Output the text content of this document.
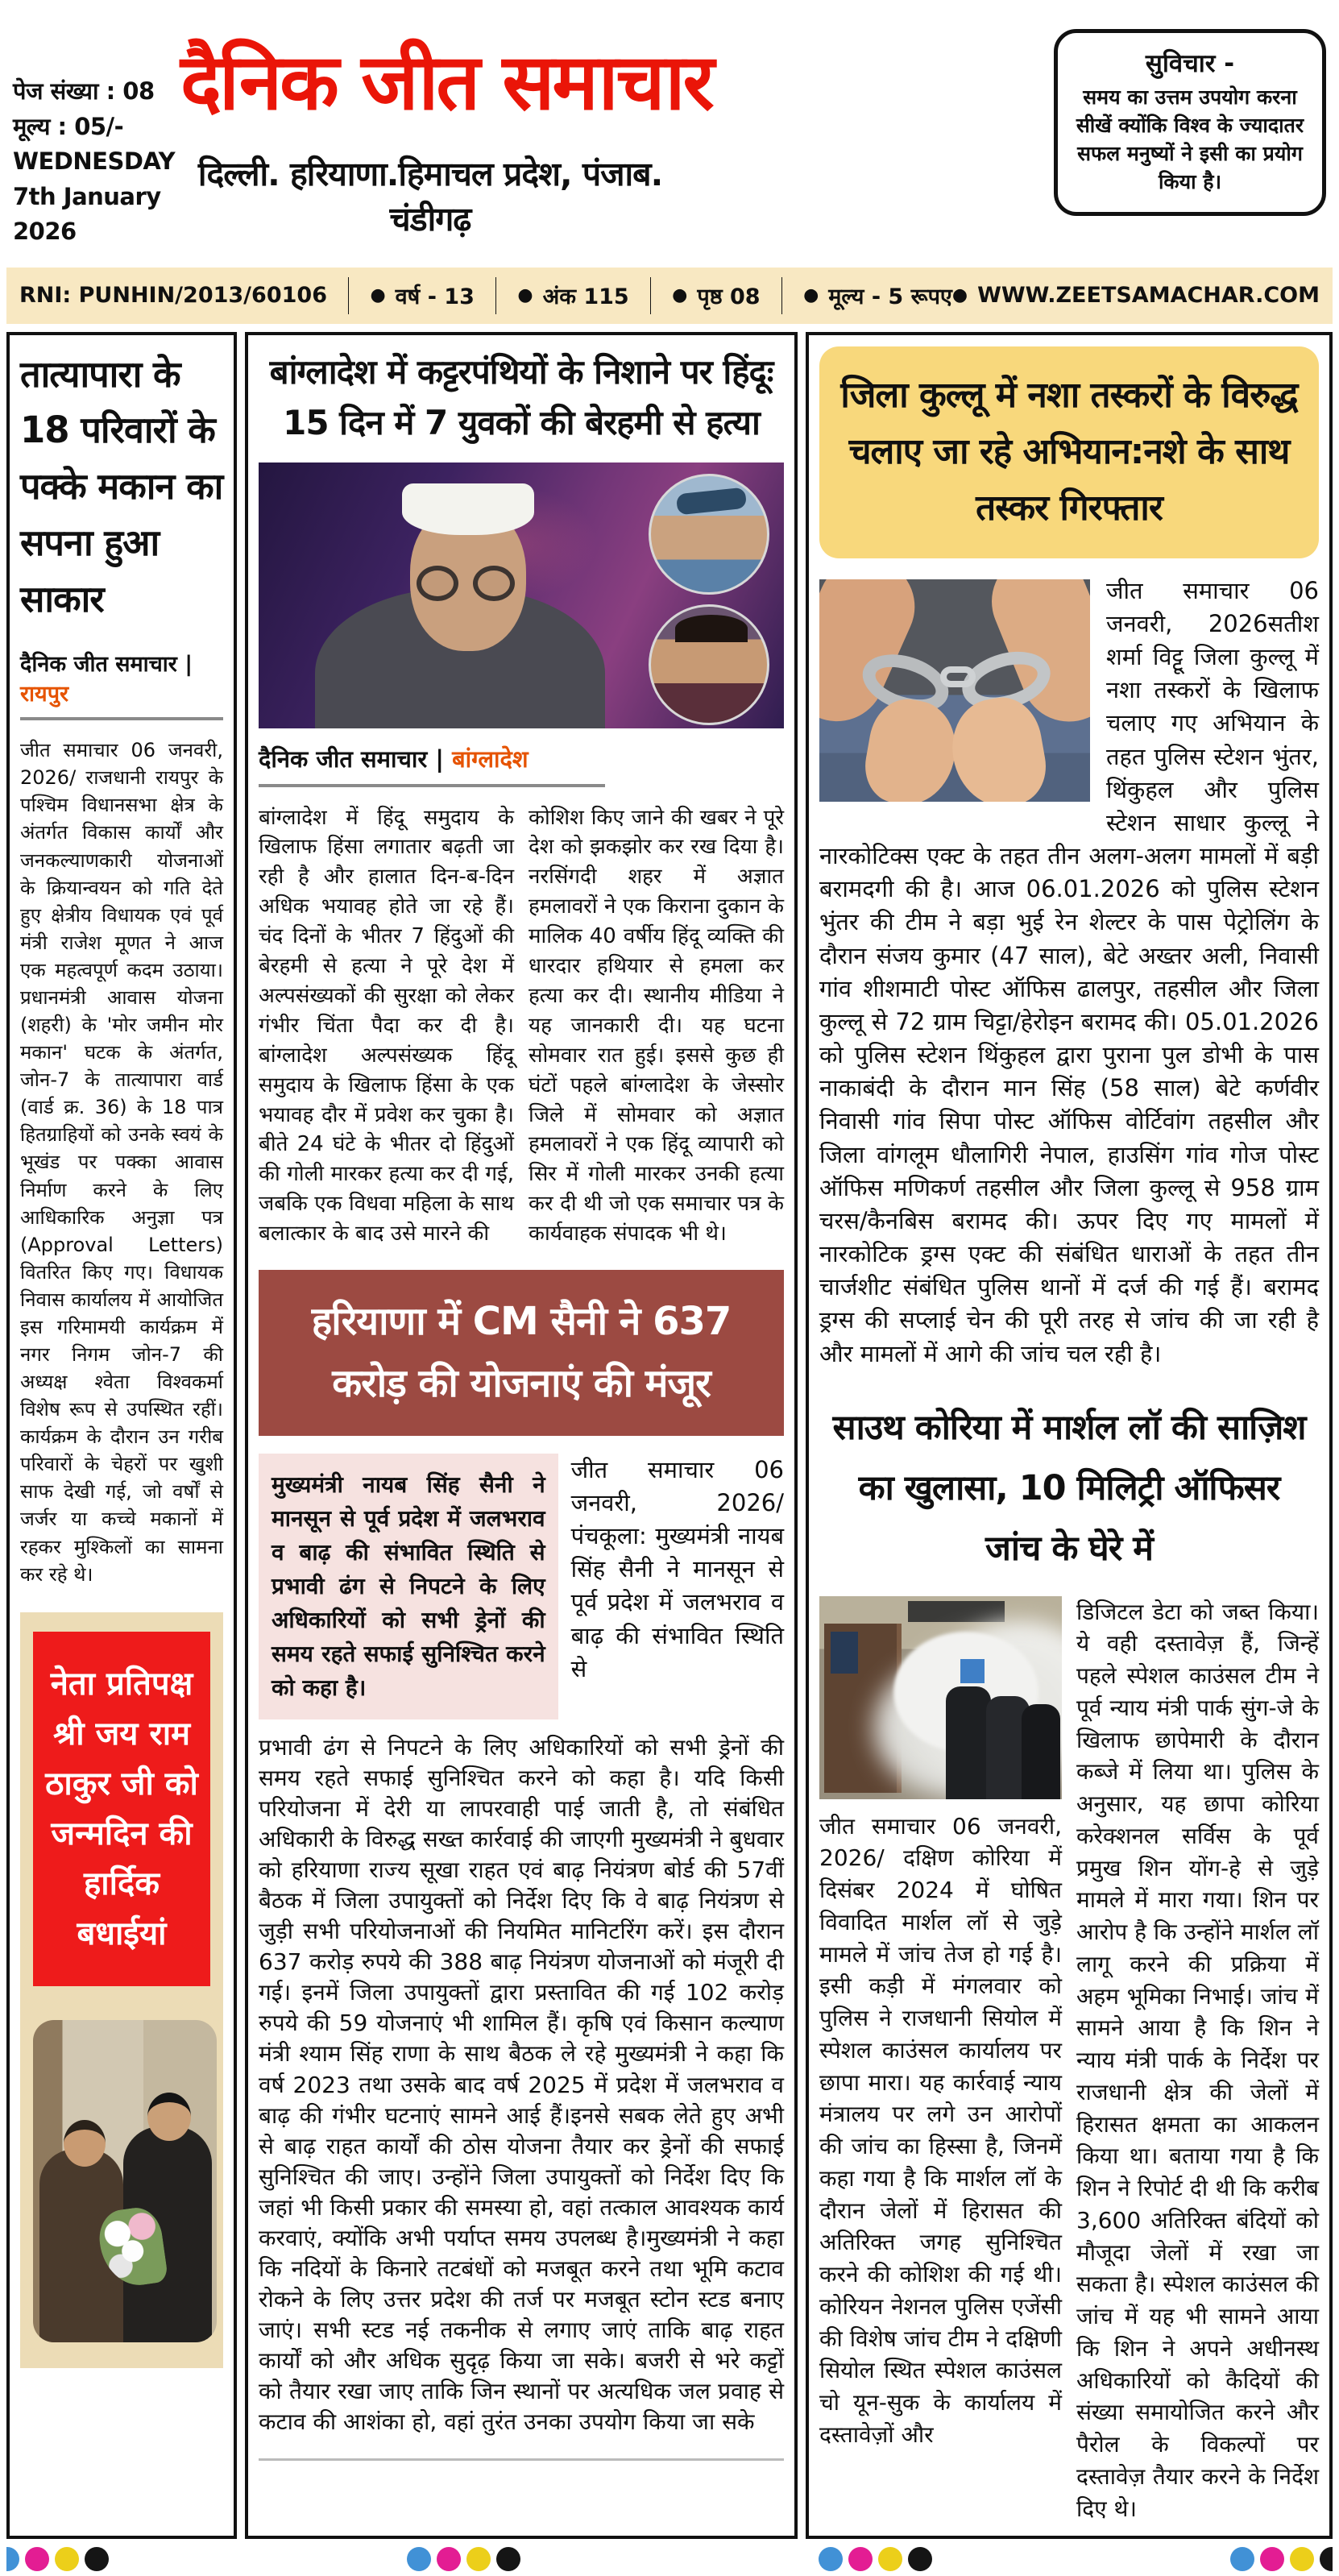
पेज संख्या : 08
मूल्य : 05/-
WEDNESDAY
7th January 2026
दैनिक जीत समाचार
दिल्ली. हरियाणा.हिमाचल प्रदेश, पंजाब. चंडीगढ़
सुविचार -
समय का उत्तम उपयोग करना सीखें क्योंकि विश्व के ज्यादातर सफल मनुष्यों ने इसी का प्रयोग किया है।
RNI: PUNHIN/2013/60106 ● वर्ष - 13 ● अंक 115 ● पृष्ठ 08 ● मूल्य - 5 रूपए ● WWW.ZEETSAMACHAR.COM
तात्यापारा के 18 परिवारों के पक्के मकान का सपना हुआ साकार
दैनिक जीत समाचार | रायपुर

जीत समाचार 06 जनवरी, 2026/ राजधानी रायपुर के पश्चिम विधानसभा क्षेत्र के अंतर्गत विकास कार्यों और जनकल्याणकारी योजनाओं के क्रियान्वयन को गति देते हुए क्षेत्रीय विधायक एवं पूर्व मंत्री राजेश मूणत ने आज एक महत्वपूर्ण कदम उठाया। प्रधानमंत्री आवास योजना (शहरी) के 'मोर जमीन मोर मकान' घटक के अंतर्गत, जोन-7 के तात्यापारा वार्ड (वार्ड क्र. 36) के 18 पात्र हितग्राहियों को उनके स्वयं के भूखंड पर पक्का आवास निर्माण करने के लिए आधिकारिक अनुज्ञा पत्र (Approval Letters) वितरित किए गए। विधायक निवास कार्यालय में आयोजित इस गरिमामयी कार्यक्रम में नगर निगम जोन-7 की अध्यक्ष श्वेता विश्वकर्मा विशेष रूप से उपस्थित रहीं। कार्यक्रम के दौरान उन गरीब परिवारों के चेहरों पर खुशी साफ देखी गई, जो वर्षों से जर्जर या कच्चे मकानों में रहकर मुश्किलों का सामना कर रहे थे।

नेता प्रतिपक्ष श्री जय राम ठाकुर जी को जन्मदिन की हार्दिक बधाईयां
बांग्लादेश में कट्टरपंथियों के निशाने पर हिंदूः 15 दिन में 7 युवकों की बेरहमी से हत्या
दैनिक जीत समाचार | बांग्लादेश

बांग्लादेश में हिंदू समुदाय के खिलाफ हिंसा लगातार बढ़ती जा रही है और हालात दिन-ब-दिन अधिक भयावह होते जा रहे हैं। चंद दिनों के भीतर 7 हिंदुओं की बेरहमी से हत्या ने पूरे देश में अल्पसंख्यकों की सुरक्षा को लेकर गंभीर चिंता पैदा कर दी है।बांग्लादेश अल्पसंख्यक हिंदू समुदाय के खिलाफ हिंसा के एक भयावह दौर में प्रवेश कर चुका है। बीते 24 घंटे के भीतर दो हिंदुओं की गोली मारकर हत्या कर दी गई, जबकि एक विधवा महिला के साथ बलात्कार के बाद उसे मारने की

कोशिश किए जाने की खबर ने पूरे देश को झकझोर कर रख दिया है। नरसिंगदी शहर में अज्ञात हमलावरों ने एक किराना दुकान के मालिक 40 वर्षीय हिंदू व्यक्ति की धारदार हथियार से हमला कर हत्या कर दी। स्थानीय मीडिया ने यह जानकारी दी। यह घटना सोमवार रात हुई। इससे कुछ ही घंटों पहले बांग्लादेश के जेस्सोर जिले में सोमवार को अज्ञात हमलावरों ने एक हिंदू व्यापारी को सिर में गोली मारकर उनकी हत्या कर दी थी जो एक समाचार पत्र के कार्यवाहक संपादक भी थे।

हरियाणा में CM सैनी ने 637 करोड़ की योजनाएं की मंजूर
मुख्यमंत्री नायब सिंह सैनी ने मानसून से पूर्व प्रदेश में जलभराव व बाढ़ की संभावित स्थिति से प्रभावी ढंग से निपटने के लिए अधिकारियों को सभी ड्रेनों की समय रहते सफाई सुनिश्चित करने को कहा है।

जीत समाचार 06 जनवरी, 2026/ पंचकूला: मुख्यमंत्री नायब सिंह सैनी ने मानसून से पूर्व प्रदेश में जलभराव व बाढ़ की संभावित स्थिति से

प्रभावी ढंग से निपटने के लिए अधिकारियों को सभी ड्रेनों की समय रहते सफाई सुनिश्चित करने को कहा है। यदि किसी परियोजना में देरी या लापरवाही पाई जाती है, तो संबंधित अधिकारी के विरुद्ध सख्त कार्रवाई की जाएगी मुख्यमंत्री ने बुधवार को हरियाणा राज्य सूखा राहत एवं बाढ़ नियंत्रण बोर्ड की 57वीं बैठक में जिला उपायुक्तों को निर्देश दिए कि वे बाढ़ नियंत्रण से जुड़ी सभी परियोजनाओं की नियमित मानिटरिंग करें। इस दौरान 637 करोड़ रुपये की 388 बाढ़ नियंत्रण योजनाओं को मंजूरी दी गई। इनमें जिला उपायुक्तों द्वारा प्रस्तावित की गई 102 करोड़ रुपये की 59 योजनाएं भी शामिल हैं। कृषि एवं किसान कल्याण मंत्री श्याम सिंह राणा के साथ बैठक ले रहे मुख्यमंत्री ने कहा कि वर्ष 2023 तथा उसके बाद वर्ष 2025 में प्रदेश में जलभराव व बाढ़ की गंभीर घटनाएं सामने आई हैं।इनसे सबक लेते हुए अभी से बाढ़ राहत कार्यों की ठोस योजना तैयार कर ड्रेनों की सफाई सुनिश्चित की जाए। उन्होंने जिला उपायुक्तों को निर्देश दिए कि जहां भी किसी प्रकार की समस्या हो, वहां तत्काल आवश्यक कार्य करवाएं, क्योंकि अभी पर्याप्त समय उपलब्ध है।मुख्यमंत्री ने कहा कि नदियों के किनारे तटबंधों को मजबूत करने तथा भूमि कटाव रोकने के लिए उत्तर प्रदेश की तर्ज पर मजबूत स्टोन स्टड बनाए जाएं। सभी स्टड नई तकनीक से लगाए जाएं ताकि बाढ़ राहत कार्यों को और अधिक सुदृढ़ किया जा सके। बजरी से भरे कट्टों को तैयार रखा जाए ताकि जिन स्थानों पर अत्यधिक जल प्रवाह से कटाव की आशंका हो, वहां तुरंत उनका उपयोग किया जा सके

जिला कुल्लू में नशा तस्करों के विरुद्ध चलाए जा रहे अभियान:नशे के साथ तस्कर गिरफ्तार

जीत समाचार 06 जनवरी, 2026सतीश शर्मा विट्टू जिला कुल्लू में नशा तस्करों के खिलाफ चलाए गए अभियान के तहत पुलिस स्टेशन भुंतर, थिंकुहल और पुलिस स्टेशन साधार कुल्लू ने नारकोटिक्स एक्ट के तहत तीन अलग-अलग मामलों में बड़ी बरामदगी की है। आज 06.01.2026 को पुलिस स्टेशन भुंतर की टीम ने बड़ा भुई रेन शेल्टर के पास पेट्रोलिंग के दौरान संजय कुमार (47 साल), बेटे अख्तर अली, निवासी गांव शीशमाटी पोस्ट ऑफिस ढालपुर, तहसील और जिला कुल्लू से 72 ग्राम चिट्टा/हेरोइन बरामद की। 05.01.2026 को पुलिस स्टेशन थिंकुहल द्वारा पुराना पुल डोभी के पास नाकाबंदी के दौरान मान सिंह (58 साल) बेटे कर्णवीर निवासी गांव सिपा पोस्ट ऑफिस वोर्टिवांग तहसील और जिला वांगलूम धौलागिरी नेपाल, हाउसिंग गांव गोज पोस्ट ऑफिस मणिकर्ण तहसील और जिला कुल्लू से 958 ग्राम चरस/कैनबिस बरामद की। ऊपर दिए गए मामलों में नारकोटिक ड्रग्स एक्ट की संबंधित धाराओं के तहत तीन चार्जशीट संबंधित पुलिस थानों में दर्ज की गई हैं। बरामद ड्रग्स की सप्लाई चेन की पूरी तरह से जांच की जा रही है और मामलों में आगे की जांच चल रही है।

साउथ कोरिया में मार्शल लॉ की साज़िश का खुलासा, 10 मिलिट्री ऑफिसर जांच के घेरे में

जीत समाचार 06 जनवरी, 2026/ दक्षिण कोरिया में दिसंबर 2024 में घोषित विवादित मार्शल लॉ से जुड़े मामले में जांच तेज हो गई है। इसी कड़ी में मंगलवार को पुलिस ने राजधानी सियोल में स्पेशल काउंसल कार्यालय पर छापा मारा। यह कार्रवाई न्याय मंत्रालय पर लगे उन आरोपों की जांच का हिस्सा है, जिनमें कहा गया है कि मार्शल लॉ के दौरान जेलों में हिरासत की अतिरिक्त जगह सुनिश्चित करने की कोशिश की गई थी। कोरियन नेशनल पुलिस एजेंसी की विशेष जांच टीम ने दक्षिणी सियोल स्थित स्पेशल काउंसल चो यून-सुक के कार्यालय में दस्तावेज़ों और

डिजिटल डेटा को जब्त किया। ये वही दस्तावेज़ हैं, जिन्हें पहले स्पेशल काउंसल टीम ने पूर्व न्याय मंत्री पार्क सुंग-जे के खिलाफ छापेमारी के दौरान कब्जे में लिया था। पुलिस के अनुसार, यह छापा कोरिया करेक्शनल सर्विस के पूर्व प्रमुख शिन योंग-हे से जुड़े मामले में मारा गया। शिन पर आरोप है कि उन्होंने मार्शल लॉ लागू करने की प्रक्रिया में अहम भूमिका निभाई। जांच में सामने आया है कि शिन ने न्याय मंत्री पार्क के निर्देश पर राजधानी क्षेत्र की जेलों में हिरासत क्षमता का आकलन किया था। बताया गया है कि शिन ने रिपोर्ट दी थी कि करीब 3,600 अतिरिक्त बंदियों को मौजूदा जेलों में रखा जा सकता है। स्पेशल काउंसल की जांच में यह भी सामने आया कि शिन ने अपने अधीनस्थ अधिकारियों को कैदियों की संख्या समायोजित करने और पैरोल के विकल्पों पर दस्तावेज़ तैयार करने के निर्देश दिए थे।
